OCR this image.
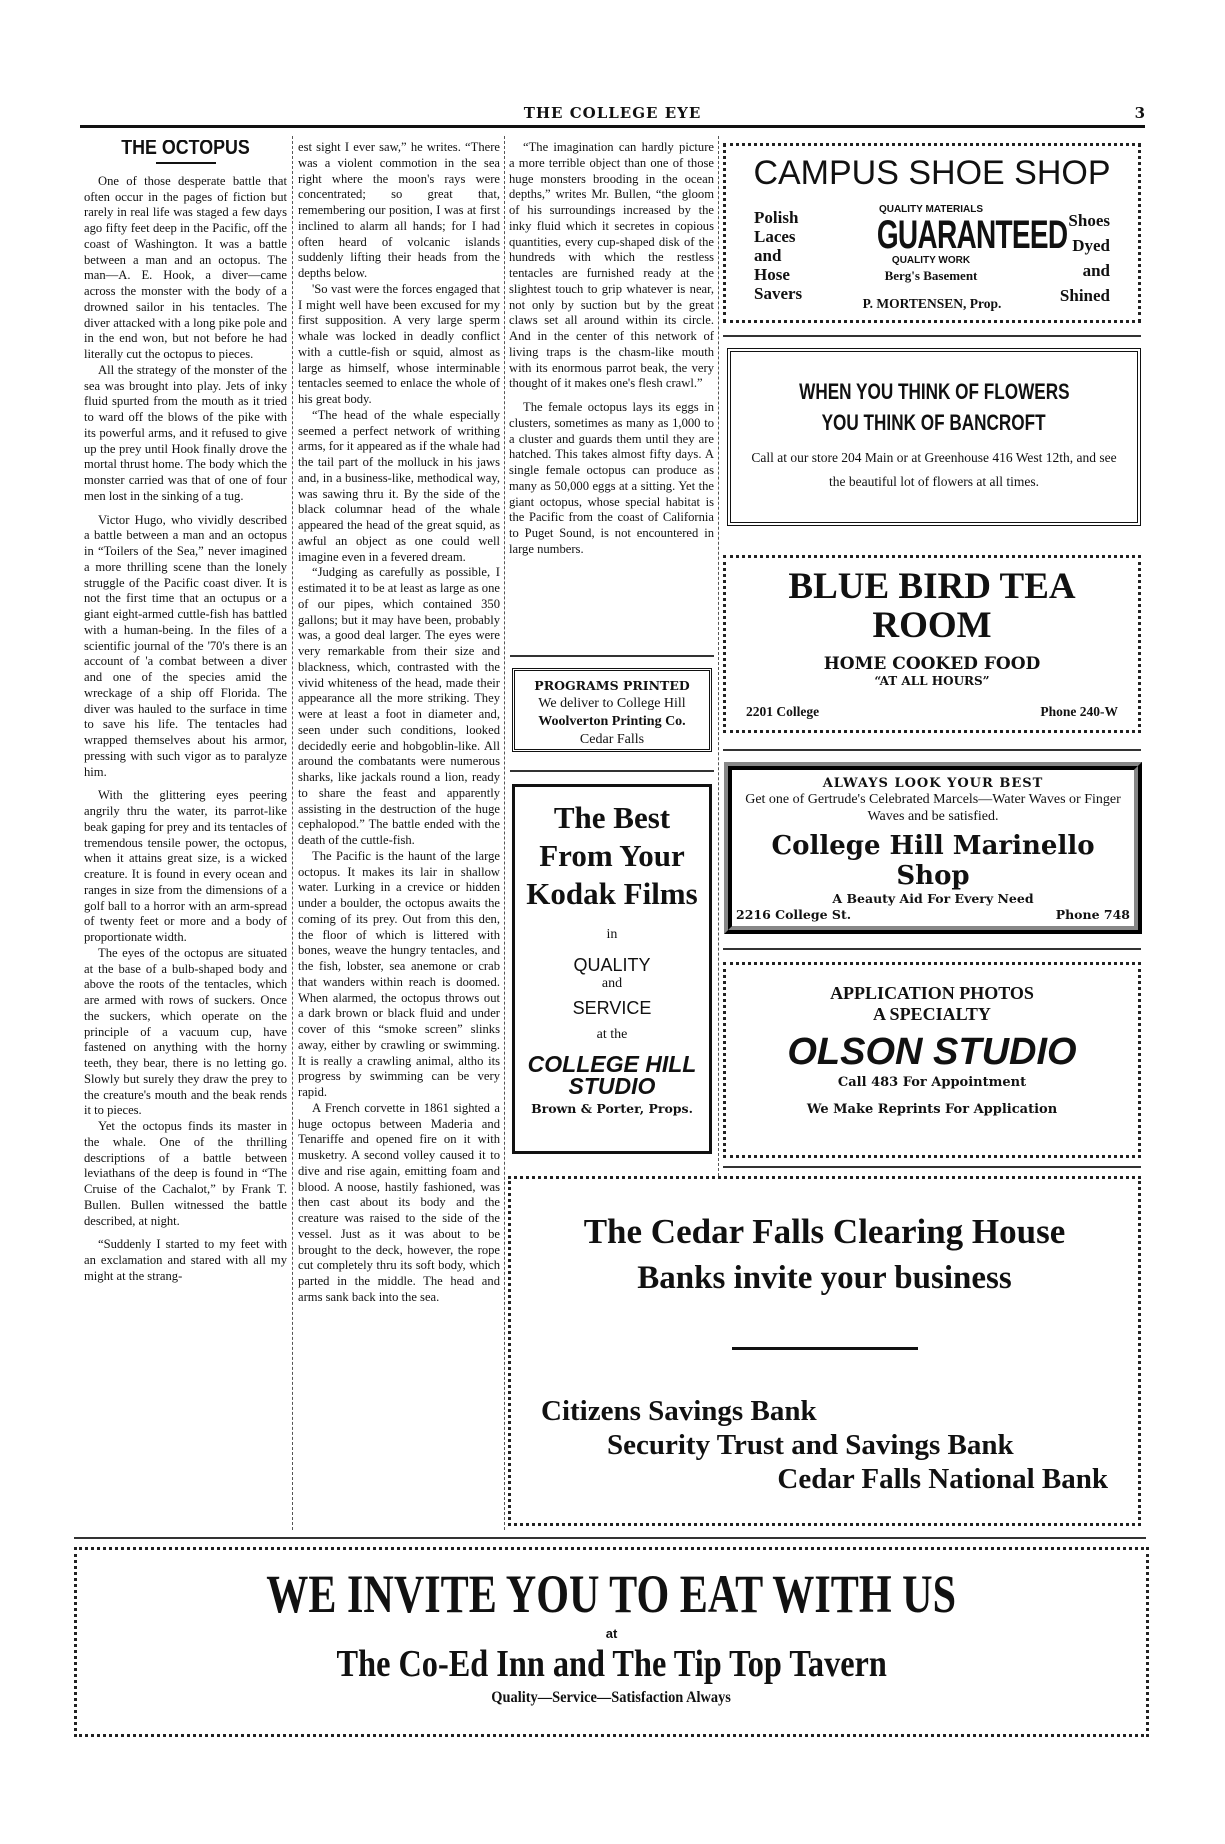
THE COLLEGE EYE	3

THE OCTOPUS

One of those desperate battle that often occur in the pages of fiction but rarely in real life was staged a few days ago fifty feet deep in the Pacific, off the coast of Washington. It was a battle between a man and an octopus. The man—A. E. Hook, a diver—came across the monster with the body of a drowned sailor in his tentacles. The diver attacked with a long pike pole and in the end won, but not before he had literally cut the octopus to pieces.

All the strategy of the monster of the sea was brought into play. Jets of inky fluid spurted from the mouth as it tried to ward off the blows of the pike with its powerful arms, and it refused to give up the prey until Hook finally drove the mortal thrust home. The body which the monster carried was that of one of four men lost in the sinking of a tug.

Victor Hugo, who vividly described a battle between a man and an octopus in “Toilers of the Sea,” never imagined a more thrilling scene than the lonely struggle of the Pacific coast diver. It is not the first time that an octupus or a giant eight-armed cuttle-fish has battled with a human-being. In the files of a scientific journal of the '70's there is an account of 'a combat between a diver and one of the species amid the wreckage of a ship off Florida. The diver was hauled to the surface in time to save his life. The tentacles had wrapped themselves about his armor, pressing with such vigor as to paralyze him.

With the glittering eyes peering angrily thru the water, its parrot-like beak gaping for prey and its tentacles of tremendous tensile power, the octopus, when it attains great size, is a wicked creature. It is found in every ocean and ranges in size from the dimensions of a golf ball to a horror with an arm-spread of twenty feet or more and a body of proportionate width.

The eyes of the octopus are situated at the base of a bulb-shaped body and above the roots of the tentacles, which are armed with rows of suckers. Once the suckers, which operate on the principle of a vacuum cup, have fastened on anything with the horny teeth, they bear, there is no letting go. Slowly but surely they draw the prey to the creature's mouth and the beak rends it to pieces.

Yet the octopus finds its master in the whale. One of the thrilling descriptions of a battle between leviathans of the deep is found in “The Cruise of the Cachalot,” by Frank T. Bullen. Bullen witnessed the battle described, at night.

“Suddenly I started to my feet with an exclamation and stared with all my might at the strang-

est sight I ever saw,” he writes. “There was a violent commotion in the sea right where the moon's rays were concentrated; so great that, remembering our position, I was at first inclined to alarm all hands; for I had often heard of volcanic islands suddenly lifting their heads from the depths below.

'So vast were the forces engaged that I might well have been excused for my first supposition. A very large sperm whale was locked in deadly conflict with a cuttle-fish or squid, almost as large as himself, whose interminable tentacles seemed to enlace the whole of his great body.

“The head of the whale especially seemed a perfect network of writhing arms, for it appeared as if the whale had the tail part of the molluck in his jaws and, in a business-like, methodical way, was sawing thru it. By the side of the black columnar head of the whale appeared the head of the great squid, as awful an object as one could well imagine even in a fevered dream.

“Judging as carefully as possible, I estimated it to be at least as large as one of our pipes, which contained 350 gallons; but it may have been, probably was, a good deal larger. The eyes were very remarkable from their size and blackness, which, contrasted with the vivid whiteness of the head, made their appearance all the more striking. They were at least a foot in diameter and, seen under such conditions, looked decidedly eerie and hobgoblin-like. All around the combatants were numerous sharks, like jackals round a lion, ready to share the feast and apparently assisting in the destruction of the huge cephalopod.” The battle ended with the death of the cuttle-fish.

The Pacific is the haunt of the large octopus. It makes its lair in shallow water. Lurking in a crevice or hidden under a boulder, the octopus awaits the coming of its prey. Out from this den, the floor of which is littered with bones, weave the hungry tentacles, and the fish, lobster, sea anemone or crab that wanders within reach is doomed. When alarmed, the octopus throws out a dark brown or black fluid and under cover of this “smoke screen” slinks away, either by crawling or swimming. It is really a crawling animal, altho its progress by swimming can be very rapid.

A French corvette in 1861 sighted a huge octopus between Maderia and Tenariffe and opened fire on it with musketry. A second volley caused it to dive and rise again, emitting foam and blood. A noose, hastily fashioned, was then cast about its body and the creature was raised to the side of the vessel. Just as it was about to be brought to the deck, however, the rope cut completely thru its soft body, which parted in the middle. The head and arms sank back into the sea.

“The imagination can hardly picture a more terrible object than one of those huge monsters brooding in the ocean depths,” writes Mr. Bullen, “the gloom of his surroundings increased by the inky fluid which it secretes in copious quantities, every cup-shaped disk of the hundreds with which the restless tentacles are furnished ready at the slightest touch to grip whatever is near, not only by suction but by the great claws set all around within its circle. And in the center of this network of living traps is the chasm-like mouth with its enormous parrot beak, the very thought of it makes one's flesh crawl.”

The female octopus lays its eggs in clusters, sometimes as many as 1,000 to a cluster and guards them until they are hatched. This takes almost fifty days. A single female octopus can produce as many as 50,000 eggs at a sitting. Yet the giant octopus, whose special habitat is the Pacific from the coast of California to Puget Sound, is not encountered in large numbers.

PROGRAMS PRINTED
We deliver to College Hill
Woolverton Printing Co.
Cedar Falls
The Best
From Your
Kodak Films
in
QUALITY
and
SERVICE
at the
COLLEGE HILL
STUDIO
Brown & Porter, Props.
CAMPUS SHOE SHOP
Polish
Laces
and
Hose
Savers
Shoes
Dyed
and
Shined
QUALITY MATERIALS
GUARANTEED
QUALITY WORK
Berg's Basement
P. MORTENSEN, Prop.
WHEN YOU THINK OF FLOWERS
YOU THINK OF BANCROFT
Call at our store 204 Main or at Greenhouse 416 West 12th, and see the beautiful lot of flowers at all times.
BLUE BIRD TEA
ROOM
HOME COOKED FOOD
“AT ALL HOURS”
2201 College	Phone 240-W
ALWAYS LOOK YOUR BEST
Get one of Gertrude's Celebrated Marcels—Water Waves or Finger Waves and be satisfied.
College Hill Marinello Shop
A Beauty Aid For Every Need
2216 College St.	Phone 748
APPLICATION PHOTOS
A SPECIALTY
OLSON STUDIO
Call 483 For Appointment
We Make Reprints For Application
The Cedar Falls Clearing House
Banks invite your business
Citizens Savings Bank
Security Trust and Savings Bank
Cedar Falls National Bank
WE INVITE YOU TO EAT WITH US
at
The Co-Ed Inn and The Tip Top Tavern
Quality—Service—Satisfaction Always
